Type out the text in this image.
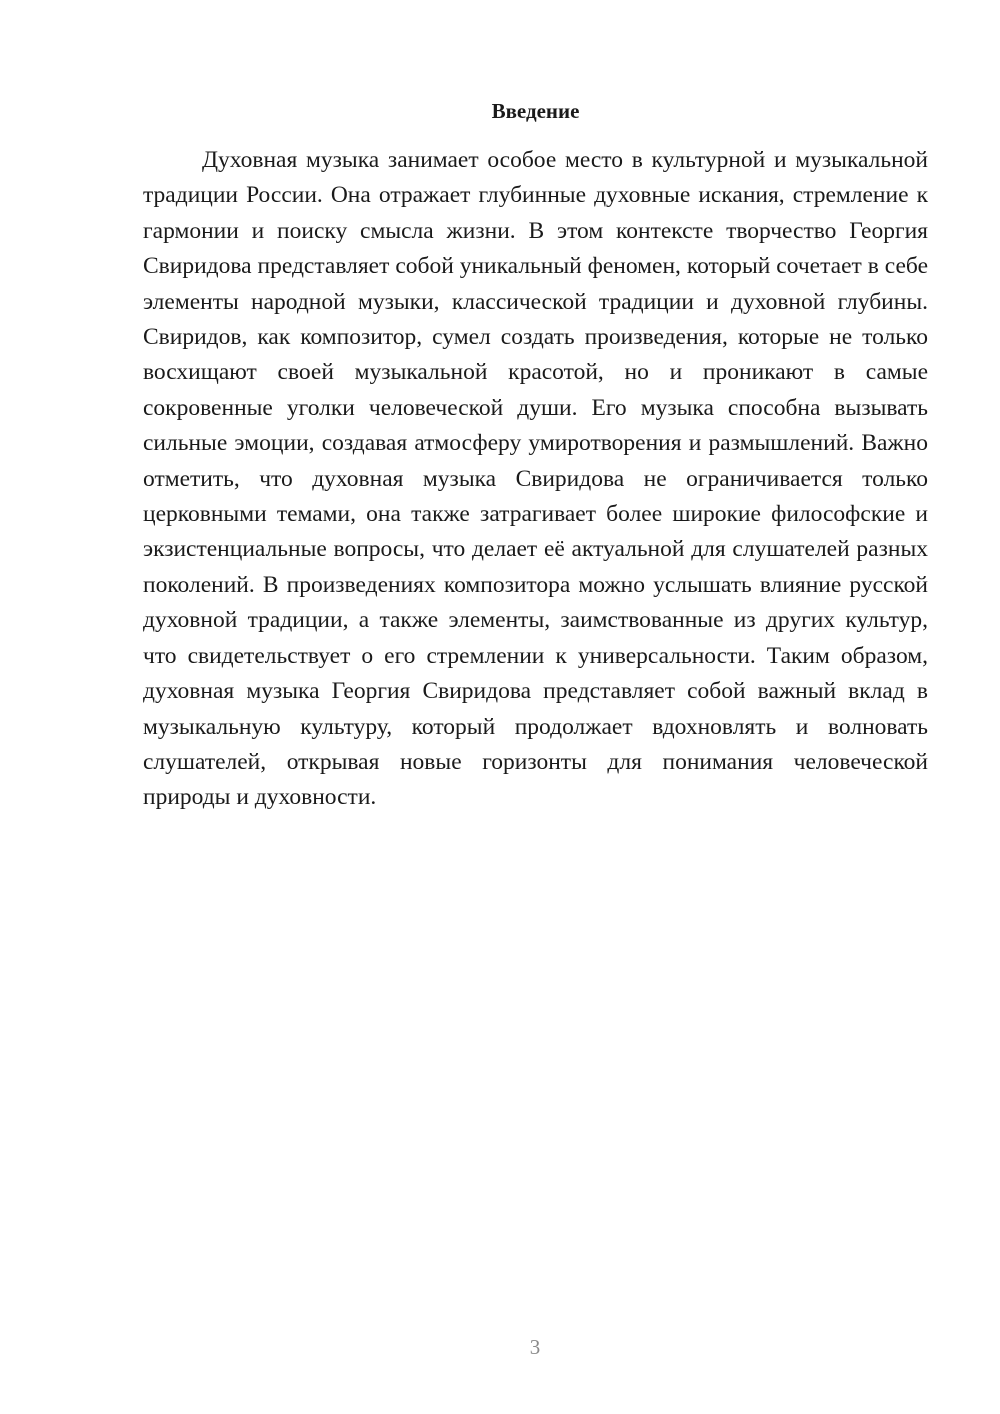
Введение

Духовная музыка занимает особое место в культурной и музыкальной традиции России. Она отражает глубинные духовные искания, стремление к гармонии и поиску смысла жизни. В этом контексте творчество Георгия Свиридова представляет собой уникальный феномен, который сочетает в себе элементы народной музыки, классической традиции и духовной глубины. Свиридов, как композитор, сумел создать произведения, которые не только восхищают своей музыкальной красотой, но и проникают в самые сокровенные уголки человеческой души. Его музыка способна вызывать сильные эмоции, создавая атмосферу умиротворения и размышлений. Важно отметить, что духовная музыка Свиридова не ограничивается только церковными темами, она также затрагивает более широкие философские и экзистенциальные вопросы, что делает её актуальной для слушателей разных поколений. В произведениях композитора можно услышать влияние русской духовной традиции, а также элементы, заимствованные из других культур, что свидетельствует о его стремлении к универсальности. Таким образом, духовная музыка Георгия Свиридова представляет собой важный вклад в музыкальную культуру, который продолжает вдохновлять и волновать слушателей, открывая новые горизонты для понимания человеческой природы и духовности.

3
